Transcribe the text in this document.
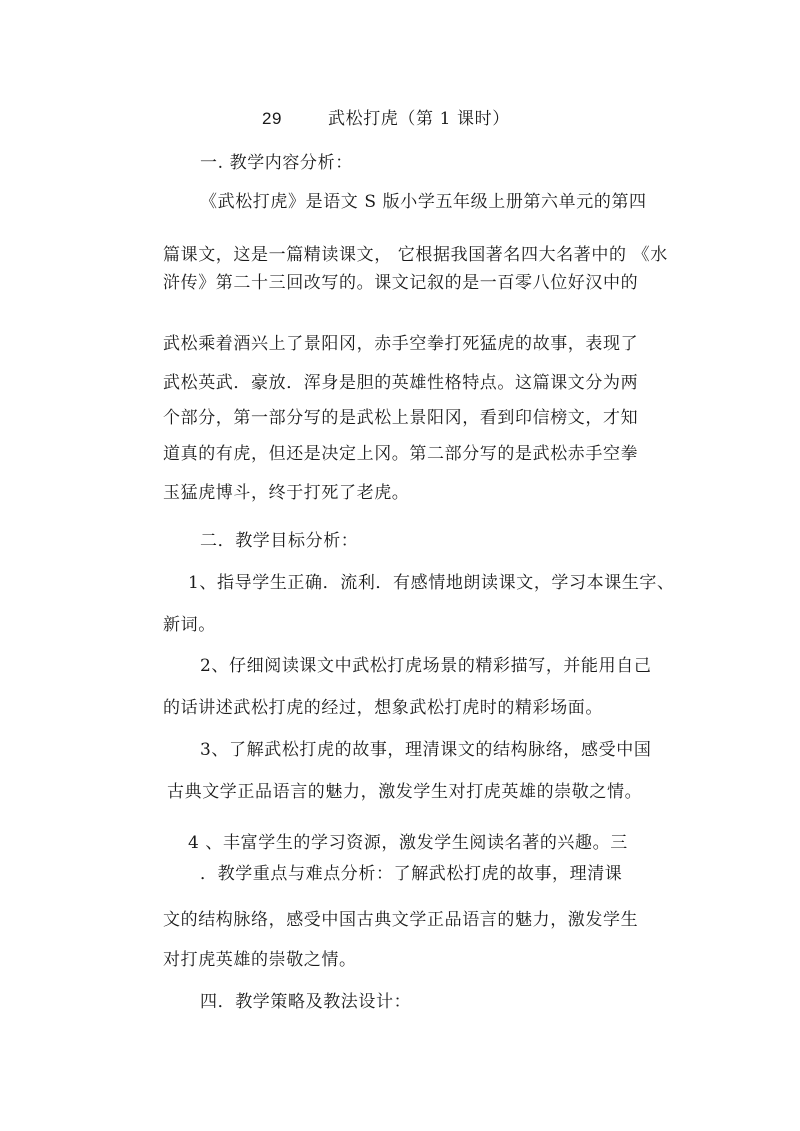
29	武松打虎（第 1 课时）
一. 教学内容分析：
《武松打虎》是语文 S 版小学五年级上册第六单元的第四
篇课文，这是一篇精读课文， 它根据我国著名四大名著中的 《水
浒传》第二十三回改写的。课文记叙的是一百零八位好汉中的
武松乘着酒兴上了景阳冈，赤手空拳打死猛虎的故事，表现了
武松英武．豪放．浑身是胆的英雄性格特点。这篇课文分为两
个部分，第一部分写的是武松上景阳冈，看到印信榜文，才知
道真的有虎，但还是决定上冈。第二部分写的是武松赤手空拳
玉猛虎博斗，终于打死了老虎。
二．教学目标分析：
1、指导学生正确．流利．有感情地朗读课文，学习本课生字、
新词。
2、仔细阅读课文中武松打虎场景的精彩描写，并能用自己
的话讲述武松打虎的经过，想象武松打虎时的精彩场面。
3、了解武松打虎的故事，理清课文的结构脉络，感受中国
古典文学正品语言的魅力，激发学生对打虎英雄的崇敬之情。
4 、丰富学生的学习资源，激发学生阅读名著的兴趣。三
．教学重点与难点分析：了解武松打虎的故事，理清课
文的结构脉络，感受中国古典文学正品语言的魅力，激发学生
对打虎英雄的崇敬之情。
四．教学策略及教法设计：
